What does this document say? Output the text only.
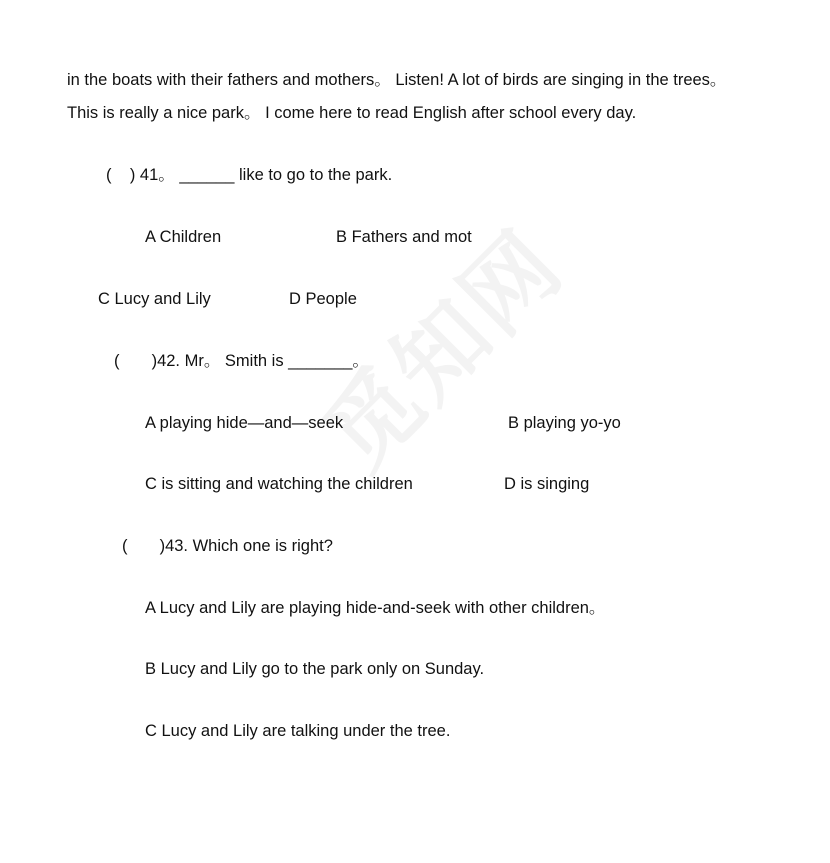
in the boats with their fathers and mothers。 Listen! A lot of birds are singing in the trees。
This is really a nice park。 I come here to read English after school every day.
(    ) 41。 ______ like to go to the park.
A Children	B Fathers and mot
C Lucy and Lily	D People
(       )42. Mr。 Smith is _______。
A playing hide—and—seek	B playing yo-yo
C is sitting and watching the children	D is singing
(       )43. Which one is right?
A Lucy and Lily are playing hide-and-seek with other children。
B Lucy and Lily go to the park only on Sunday.
C Lucy and Lily are talking under the tree.
